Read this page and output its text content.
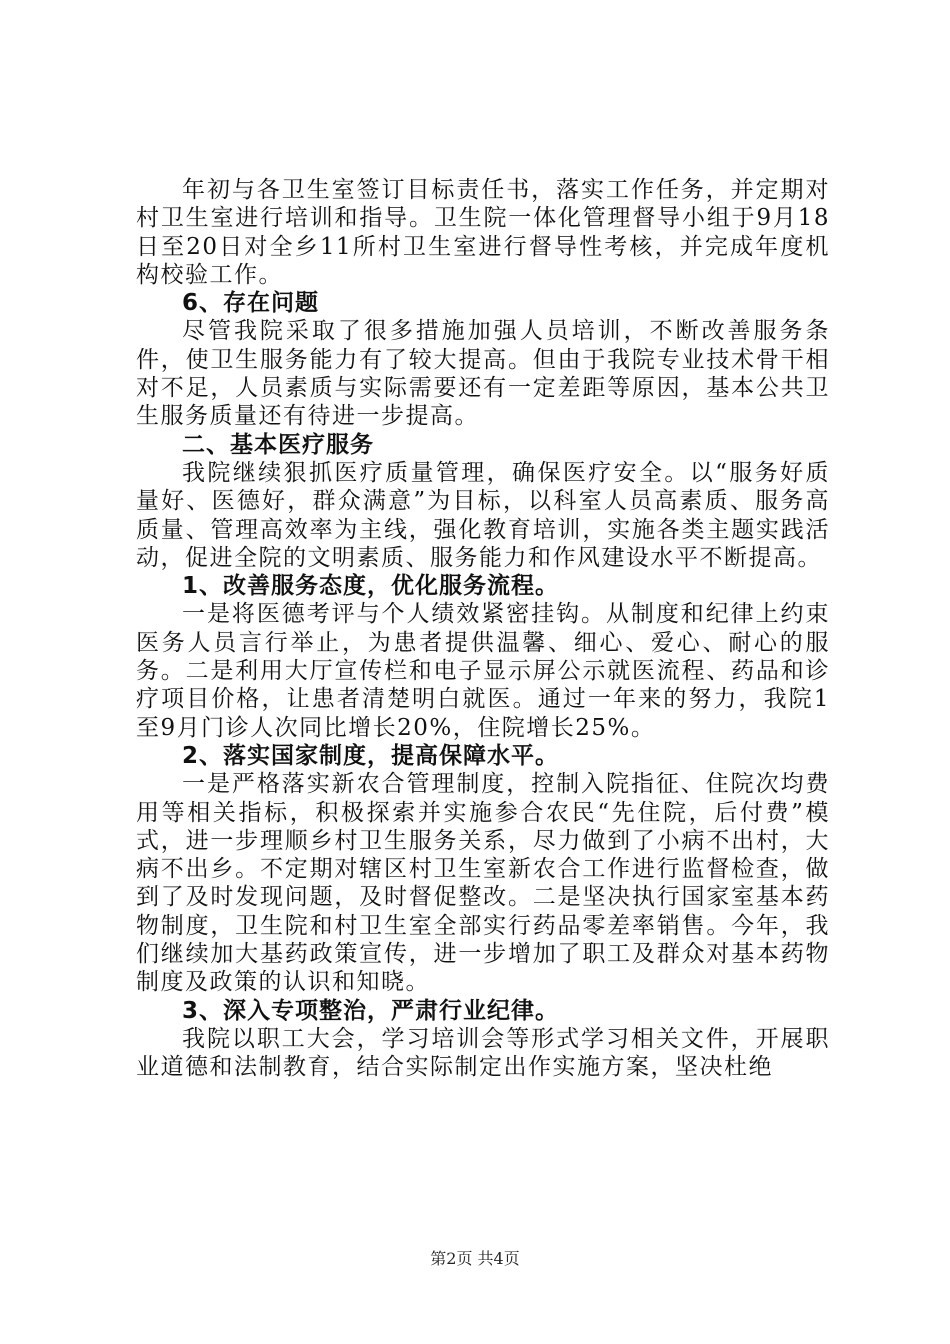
年初与各卫生室签订目标责任书，落实工作任务，并定期对村卫生室进行培训和指导。卫生院一体化管理督导小组于9月18日至20日对全乡11所村卫生室进行督导性考核，并完成年度机构校验工作。

6、存在问题

尽管我院采取了很多措施加强人员培训，不断改善服务条件，使卫生服务能力有了较大提高。但由于我院专业技术骨干相对不足，人员素质与实际需要还有一定差距等原因，基本公共卫生服务质量还有待进一步提高。

二、基本医疗服务

我院继续狠抓医疗质量管理，确保医疗安全。以“服务好质量好、医德好，群众满意”为目标，以科室人员高素质、服务高质量、管理高效率为主线，强化教育培训，实施各类主题实践活动，促进全院的文明素质、服务能力和作风建设水平不断提高。

1、改善服务态度，优化服务流程。

一是将医德考评与个人绩效紧密挂钩。从制度和纪律上约束医务人员言行举止，为患者提供温馨、细心、爱心、耐心的服务。二是利用大厅宣传栏和电子显示屏公示就医流程、药品和诊疗项目价格，让患者清楚明白就医。通过一年来的努力，我院1至9月门诊人次同比增长20%，住院增长25%。

2、落实国家制度，提高保障水平。

一是严格落实新农合管理制度，控制入院指征、住院次均费用等相关指标，积极探索并实施参合农民“先住院，后付费”模式，进一步理顺乡村卫生服务关系，尽力做到了小病不出村，大病不出乡。不定期对辖区村卫生室新农合工作进行监督检查，做到了及时发现问题，及时督促整改。二是坚决执行国家室基本药物制度，卫生院和村卫生室全部实行药品零差率销售。今年，我们继续加大基药政策宣传，进一步增加了职工及群众对基本药物制度及政策的认识和知晓。

3、深入专项整治，严肃行业纪律。

我院以职工大会，学习培训会等形式学习相关文件，开展职业道德和法制教育，结合实际制定出作实施方案，坚决杜绝

第2页 共4页
